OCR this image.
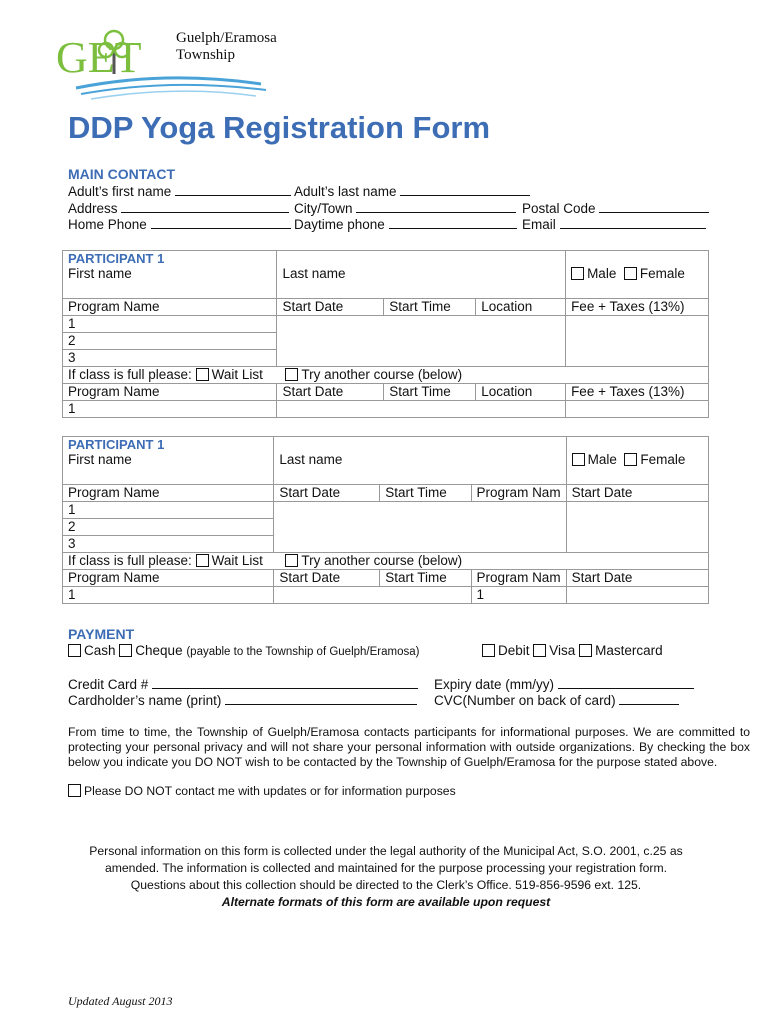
GET Guelph/Eramosa
Township
DDP Yoga Registration Form
MAIN CONTACT
Adult’s first name	Adult’s last name
Address	City/Town	Postal Code
Home Phone	Daytime phone	Email
PARTICIPANT 1
First name	Last name			Male Female

Program Name	Start Date	Start Time	Location	Fee + Taxes (13%)
1				
2				
3				
If class is full please: Wait List Try another course (below)				
Program Name	Start Date	Start Time	Location	Fee + Taxes (13%)
1				
PARTICIPANT 1
First name	Last name			Male Female

Program Name	Start Date	Start Time	Program Nam	Start Date
1				
2				
3				
If class is full please: Wait List Try another course (below)				
Program Name	Start Date	Start Time	Program Nam	Start Date
1			1	
PAYMENT
Cash Cheque (payable to the Township of Guelph/Eramosa)	Debit Visa Mastercard
Credit Card #	Expiry date (mm/yy)
Cardholder’s name (print)	CVC(Number on back of card)
From time to time, the Township of Guelph/Eramosa contacts participants for informational purposes. We are committed to protecting your personal privacy and will not share your personal information with outside organizations. By checking the box below you indicate you DO NOT wish to be contacted by the Township of Guelph/Eramosa for the purpose stated above.
Please DO NOT contact me with updates or for information purposes
Personal information on this form is collected under the legal authority of the Municipal Act, S.O. 2001, c.25 as
amended. The information is collected and maintained for the purpose processing your registration form.
Questions about this collection should be directed to the Clerk’s Office. 519-856-9596 ext. 125.
Alternate formats of this form are available upon request
Updated August 2013
